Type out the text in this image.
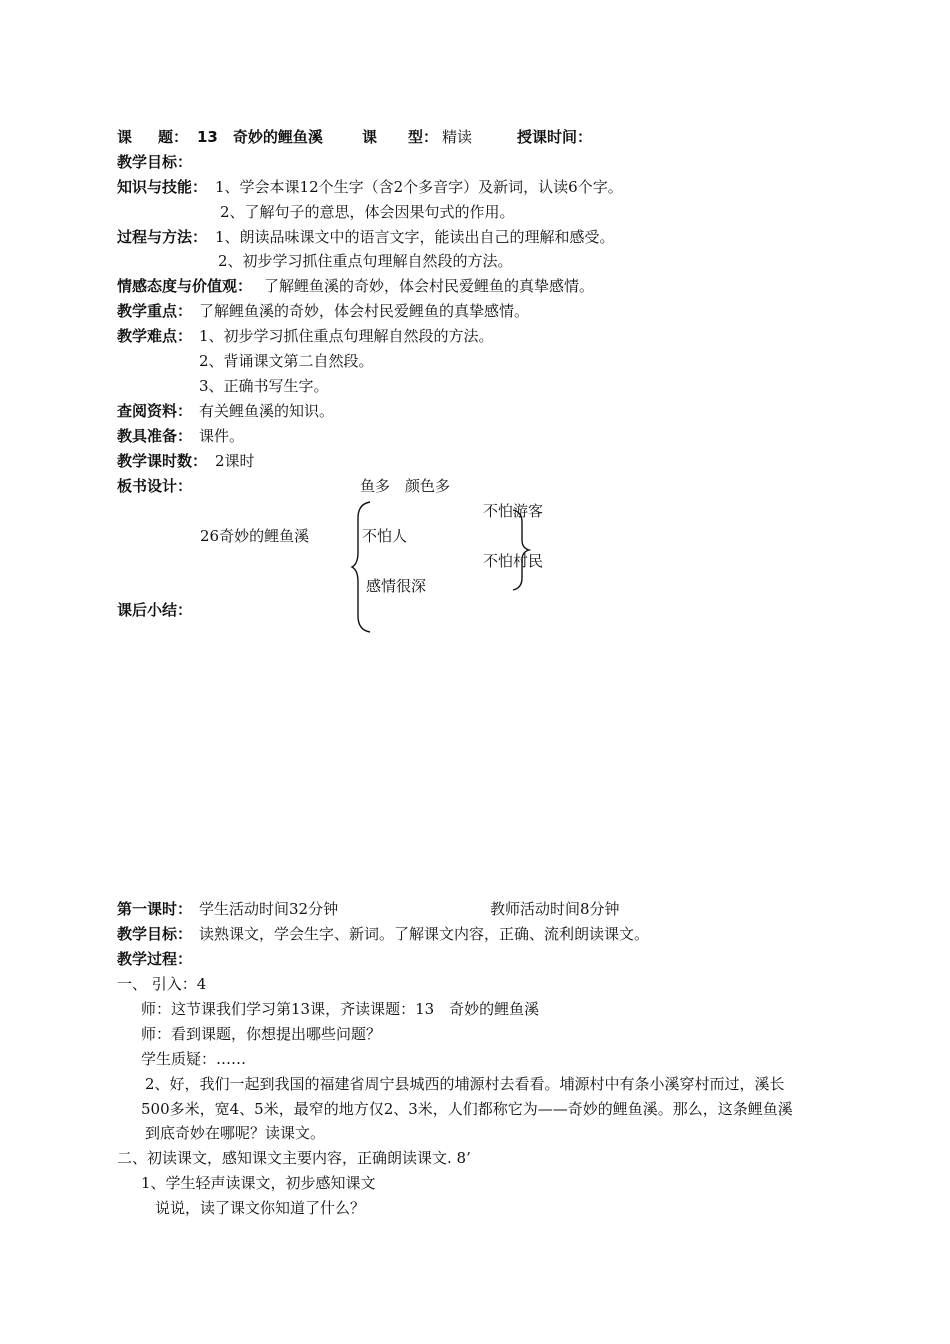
课 题： 13　奇妙的鲤鱼溪	课 型： 精读	授课时间：
教学目标：
知识与技能： 1、学会本课12个生字（含2个多音字）及新词，认读6个字。
2、了解句子的意思，体会因果句式的作用。
过程与方法： 1、朗读品味课文中的语言文字，能读出自己的理解和感受。
2、初步学习抓住重点句理解自然段的方法。
情感态度与价值观： 了解鲤鱼溪的奇妙，体会村民爱鲤鱼的真挚感情。
教学重点： 了解鲤鱼溪的奇妙，体会村民爱鲤鱼的真挚感情。
教学难点： 1、初步学习抓住重点句理解自然段的方法。
2、背诵课文第二自然段。
3、正确书写生字。
查阅资料： 有关鲤鱼溪的知识。
教具准备： 课件。
教学课时数： 2课时
板书设计：	鱼多　颜色多
不怕游客
26奇妙的鲤鱼溪	不怕人
不怕村民
感情很深
课后小结：
第一课时： 学生活动时间32分钟	教师活动时间8分钟
教学目标： 读熟课文，学会生字、新词。了解课文内容，正确、流利朗读课文。
教学过程：
一、 引入：4
师：这节课我们学习第13课，齐读课题：13　奇妙的鲤鱼溪
师：看到课题，你想提出哪些问题？
学生质疑：……
2、好，我们一起到我国的福建省周宁县城西的埔源村去看看。埔源村中有条小溪穿村而过，溪长
500多米，宽4、5米，最窄的地方仅2、3米，人们都称它为——奇妙的鲤鱼溪。那么，这条鲤鱼溪
到底奇妙在哪呢？读课文。
二、初读课文，感知课文主要内容，正确朗读课文. 8’
1、学生轻声读课文，初步感知课文
说说，读了课文你知道了什么？
